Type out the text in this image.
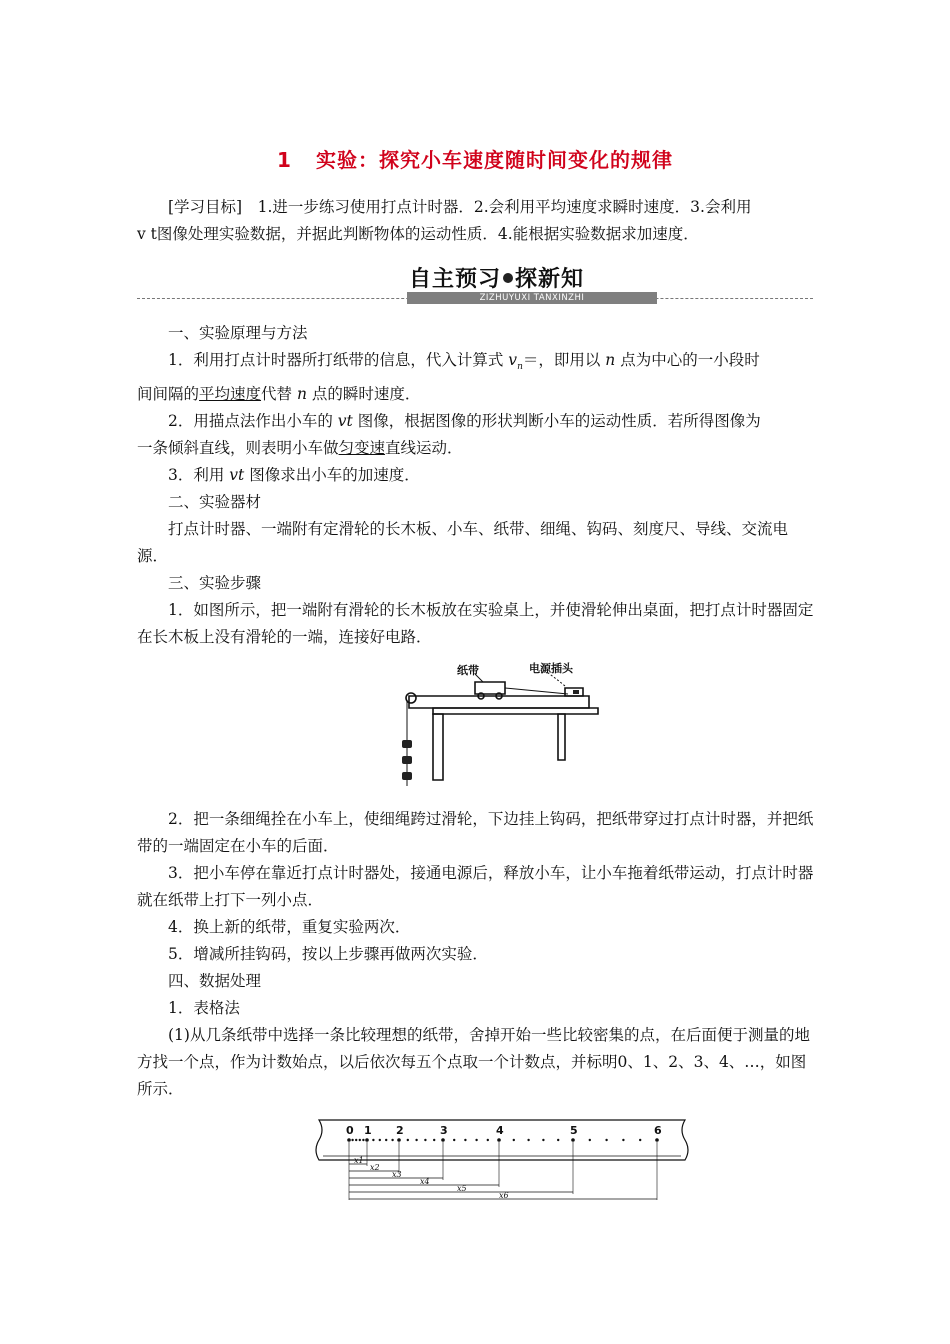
1 实验：探究小车速度随时间变化的规律
[学习目标]　1.进一步练习使用打点计时器．2.会利用平均速度求瞬时速度．3.会利用
v t图像处理实验数据，并据此判断物体的运动性质．4.能根据实验数据求加速度．
自主预习 探新知
ZIZHUYUXI TANXINZHI
一、实验原理与方法
1．利用打点计时器所打纸带的信息，代入计算式 $v_n=$，即用以 n 点为中心的一小段时
间间隔的平均速度代替 n 点的瞬时速度．
2．用描点法作出小车的 vt 图像，根据图像的形状判断小车的运动性质．若所得图像为
一条倾斜直线，则表明小车做匀变速直线运动．
3．利用 vt 图像求出小车的加速度．
二、实验器材
打点计时器、一端附有定滑轮的长木板、小车、纸带、细绳、钩码、刻度尺、导线、交流电源．
三、实验步骤
1．如图所示，把一端附有滑轮的长木板放在实验桌上，并使滑轮伸出桌面，把打点计时器固定在长木板上没有滑轮的一端，连接好电路．
纸带	电源插头
2．把一条细绳拴在小车上，使细绳跨过滑轮，下边挂上钩码，把纸带穿过打点计时器，并把纸带的一端固定在小车的后面．
3．把小车停在靠近打点计时器处，接通电源后，释放小车，让小车拖着纸带运动，打点计时器就在纸带上打下一列小点．
4．换上新的纸带，重复实验两次．
5．增减所挂钩码，按以上步骤再做两次实验．
四、数据处理
1．表格法
(1)从几条纸带中选择一条比较理想的纸带，舍掉开始一些比较密集的点，在后面便于测量的地方找一个点，作为计数始点，以后依次每五个点取一个计数点，并标明0、1、2、3、4、…，如图所示．
0 1 2	3	4	5	6
x1
x2
x3
x4
x5
x6
